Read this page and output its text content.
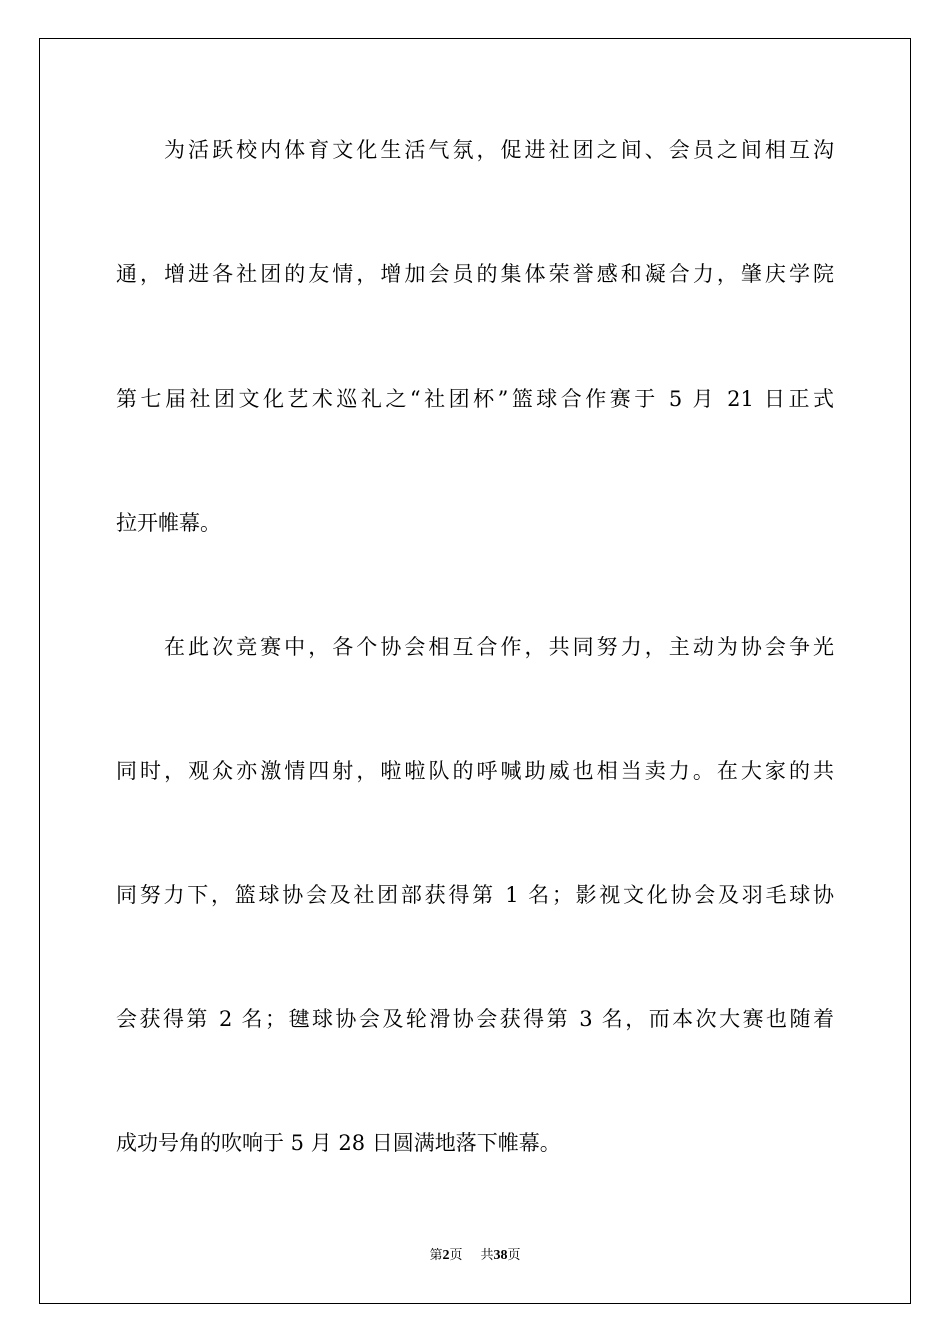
为活跃校内体育文化生活气氛，促进社团之间、会员之间相互沟
通，增进各社团的友情，增加会员的集体荣誉感和凝合力，肇庆学院
第七届社团文化艺术巡礼之“社团杯”篮球合作赛于 5 月 21 日正式
拉开帷幕。
在此次竞赛中，各个协会相互合作，共同努力，主动为协会争光
同时，观众亦激情四射，啦啦队的呼喊助威也相当卖力。在大家的共
同努力下，篮球协会及社团部获得第 1 名；影视文化协会及羽毛球协
会获得第 2 名；毽球协会及轮滑协会获得第 3 名，而本次大赛也随着
成功号角的吹响于 5 月 28 日圆满地落下帷幕。
第2页 共38页
